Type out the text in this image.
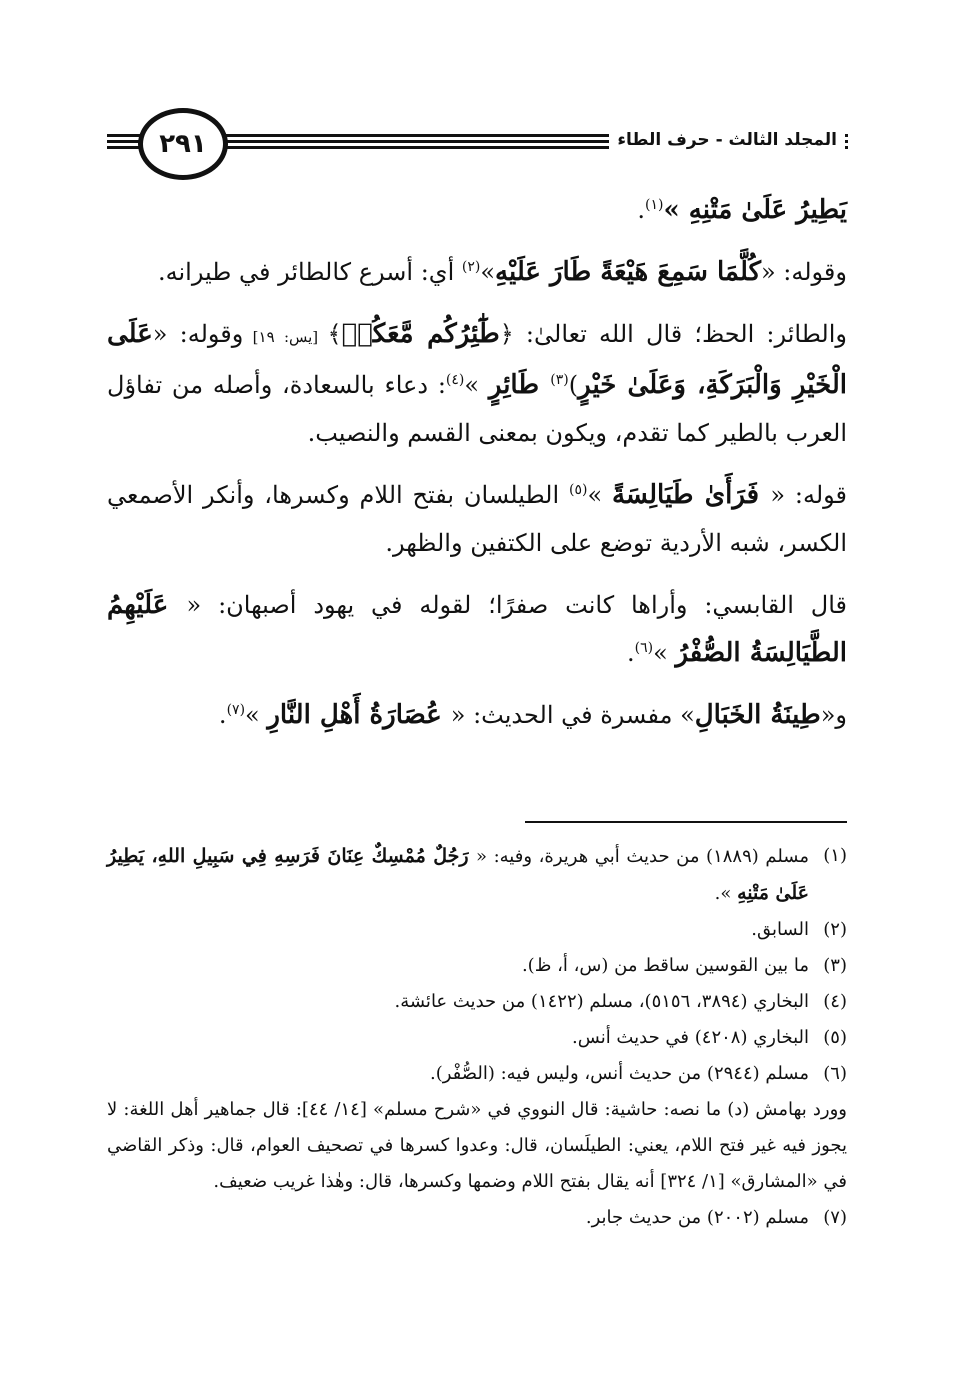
المجلد الثالث - حرف الطاء
٢٩١

يَطِيرُ عَلَىٰ مَتْنِهِ »$^{(١)}$.

وقوله: «كُلَّمَا سَمِعَ هَيْعَةً طَارَ عَلَيْهِ»$^{(٢)}$ أي: أسرع كالطائر في طيرانه.

والطائر: الحظ؛ قال الله تعالىٰ: ﴿طَٰٓئِرُكُم مَّعَكُمۡ﴾ [يس: ١٩] وقوله: «عَلَى الْخَيْرِ وَالْبَرَكَةِ، وَعَلَىٰ خَيْرٍ)$^{(٣)}$ طَائِرٍ »$^{(٤)}$: دعاء بالسعادة، وأصله من تفاؤل العرب بالطير كما تقدم، ويكون بمعنى القسم والنصيب.

قوله: « فَرَأَىٰ طَيَالِسَةً »$^{(٥)}$ الطيلسان بفتح اللام وكسرها، وأنكر الأصمعي الكسر، شبه الأردية توضع على الكتفين والظهر.

قال القابسي: وأراها كانت صفرًا؛ لقوله في يهود أصبهان: « عَلَيْهِمُ الطَّيَالِسَةُ الصُّفْرُ »$^{(٦)}$.

و«طِينَةُ الخَبَالِ» مفسرة في الحديث: « عُصَارَةُ أَهْلِ النَّارِ »$^{(٧)}$.

(١)
مسلم (١٨٨٩) من حديث أبي هريرة، وفيه: « رَجُلٌ مُمْسِكٌ عِنَانَ فَرَسِهِ فِي سَبِيلِ اللهِ، يَطِيرُ عَلَىٰ مَتْنِهِ ».
(٢)
السابق.
(٣)
ما بين القوسين ساقط من (س، أ، ظ).
(٤)
البخاري (٣٨٩٤، ٥١٥٦)، مسلم (١٤٢٢) من حديث عائشة.
(٥)
البخاري (٤٢٠٨) في حديث أنس.
(٦)
مسلم (٢٩٤٤) من حديث أنس، وليس فيه: (الصُّفْر).

وورد بهامش (د) ما نصه: حاشية: قال النووي في «شرح مسلم» [١٤/ ٤٤]: قال جماهير أهل اللغة: لا يجوز فيه غير فتح اللام، يعني: الطيلَسان، قال: وعدوا كسرها في تصحيف العوام، قال: وذكر القاضي في «المشارق» [١/ ٣٢٤] أنه يقال بفتح اللام وضمها وكسرها، قال: وهٰذا غريب ضعيف.

(٧)
مسلم (٢٠٠٢) من حديث جابر.
